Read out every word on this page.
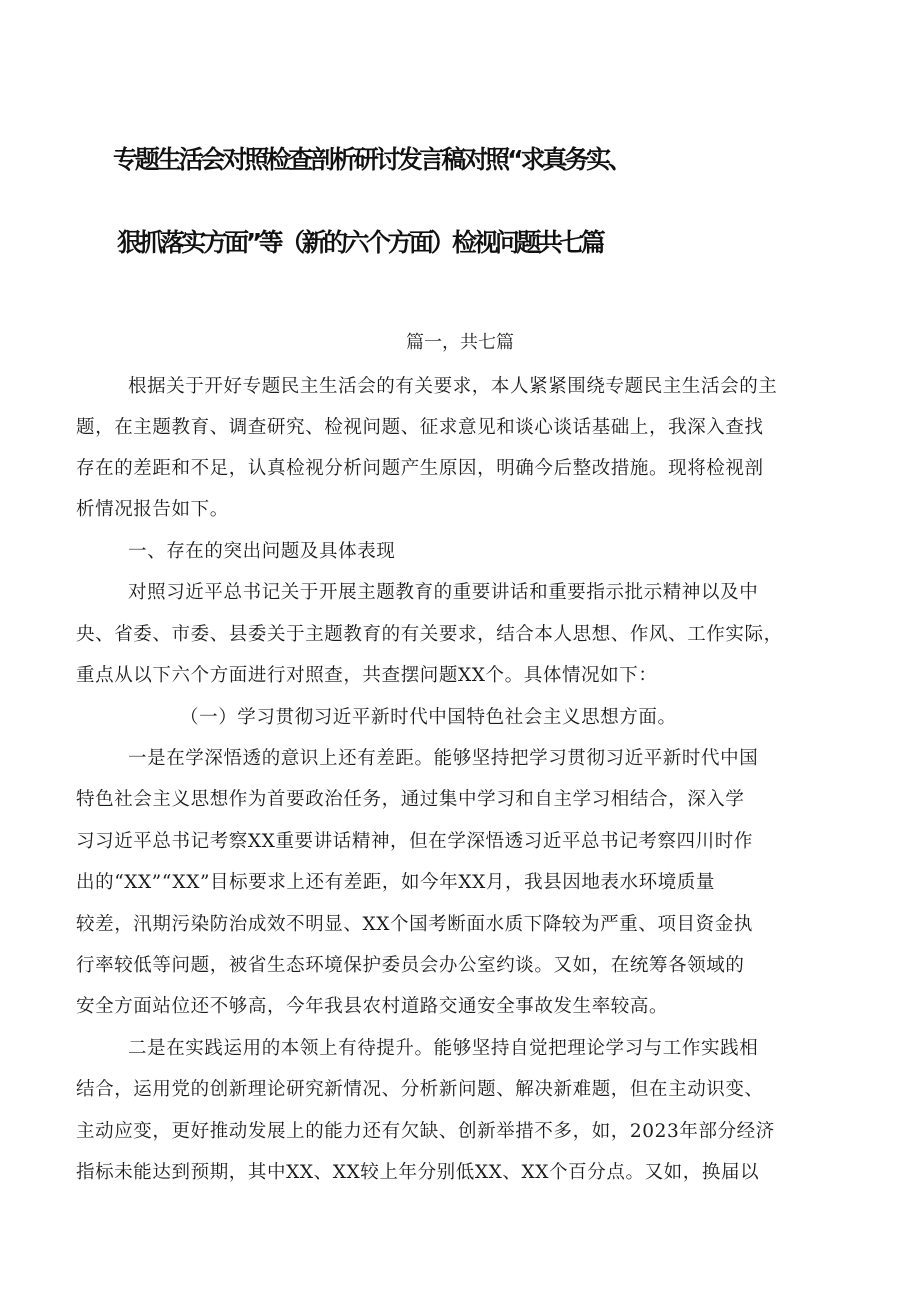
专题生活会对照检查剖析研讨发言稿对照“求真务实、
狠抓落实方面”等（新的六个方面）检视问题共七篇
篇一，共七篇

根据关于开好专题民主生活会的有关要求，本人紧紧围绕专题民主生活会的主

题，在主题教育、调查研究、检视问题、征求意见和谈心谈话基础上，我深入查找

存在的差距和不足，认真检视分析问题产生原因，明确今后整改措施。现将检视剖

析情况报告如下。

一、存在的突出问题及具体表现

对照习近平总书记关于开展主题教育的重要讲话和重要指示批示精神以及中

央、省委、市委、县委关于主题教育的有关要求，结合本人思想、作风、工作实际，

重点从以下六个方面进行对照查，共查摆问题XX个。具体情况如下：

（一）学习贯彻习近平新时代中国特色社会主义思想方面。

一是在学深悟透的意识上还有差距。能够坚持把学习贯彻习近平新时代中国

特色社会主义思想作为首要政治任务，通过集中学习和自主学习相结合，深入学

习习近平总书记考察XX重要讲话精神，但在学深悟透习近平总书记考察四川时作

出的“XX”“XX”目标要求上还有差距，如今年XX月，我县因地表水环境质量

较差，汛期污染防治成效不明显、XX个国考断面水质下降较为严重、项目资金执

行率较低等问题，被省生态环境保护委员会办公室约谈。又如，在统筹各领域的

安全方面站位还不够高，今年我县农村道路交通安全事故发生率较高。

二是在实践运用的本领上有待提升。能够坚持自觉把理论学习与工作实践相

结合，运用党的创新理论研究新情况、分析新问题、解决新难题，但在主动识变、

主动应变，更好推动发展上的能力还有欠缺、创新举措不多，如，2023年部分经济

指标未能达到预期，其中XX、XX较上年分别低XX、XX个百分点。又如，换届以
